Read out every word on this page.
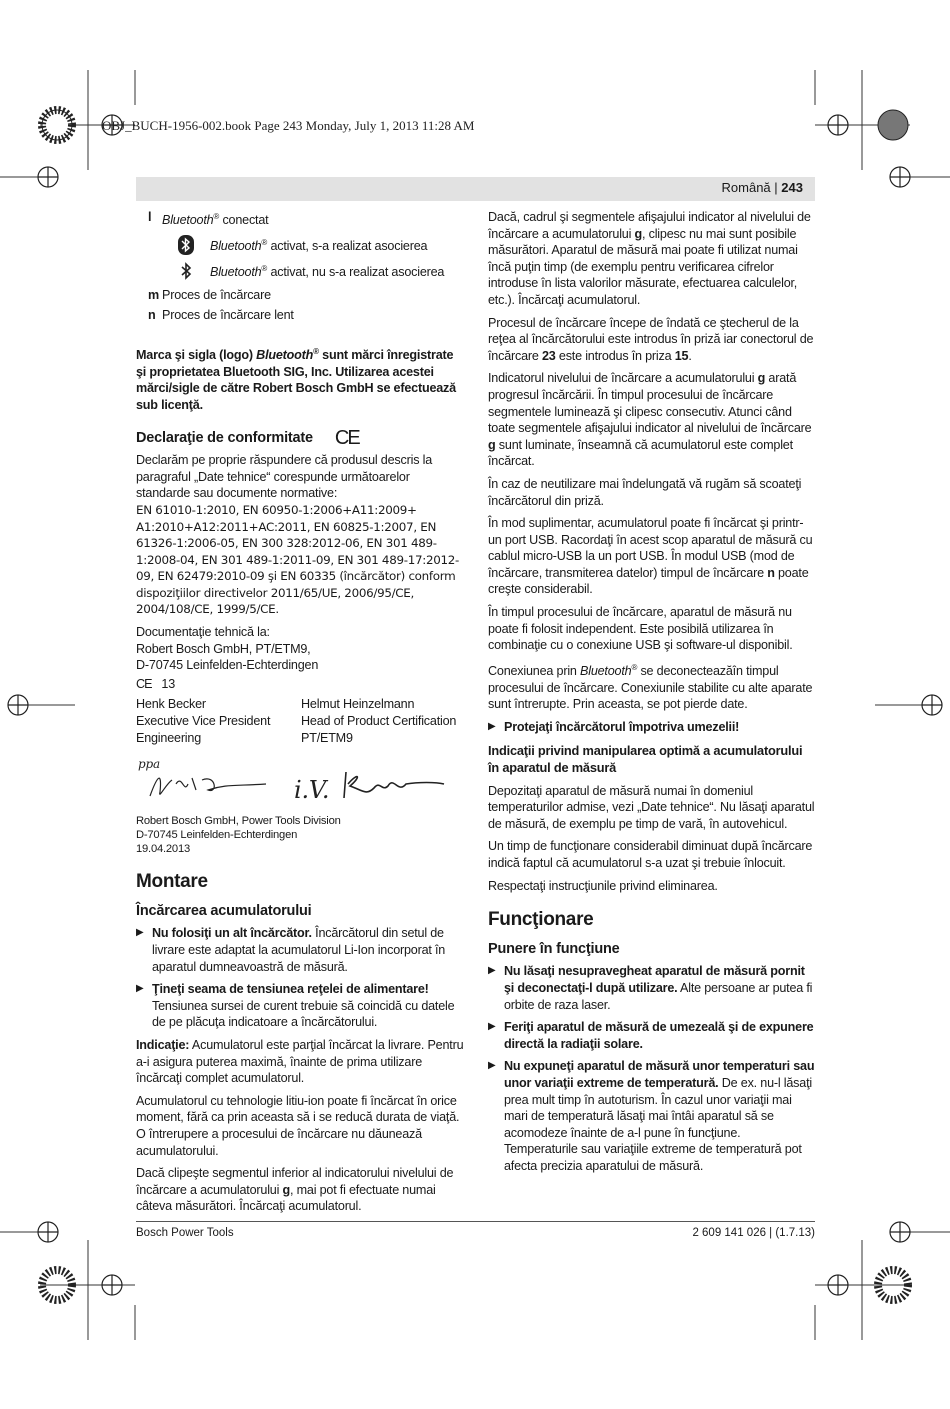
OBJ_BUCH-1956-002.book Page 243 Monday, July 1, 2013 11:28 AM
Română | 243
l Bluetooth® conectat
Bluetooth® activat, s-a realizat asocierea
Bluetooth® activat, nu s-a realizat asocierea
m Proces de încărcare
n Proces de încărcare lent

Marca şi sigla (logo) Bluetooth® sunt mărci înregistrate şi proprietatea Bluetooth SIG, Inc. Utilizarea acestei mărci/sigle de către Robert Bosch GmbH se efectuează sub licenţă.

Declaraţie de conformitate CE

Declarăm pe proprie răspundere că produsul descris la paragraful „Date tehnice“ corespunde următoarelor standarde sau documente normative:

EN 61010-1:2010, EN 60950-1:2006+A11:2009+ A1:2010+A12:2011+AC:2011, EN 60825-1:2007, EN 61326-1:2006-05, EN 300 328:2012-06, EN 301 489-1:2008-04, EN 301 489-1:2011-09, EN 301 489-17:2012-09, EN 62479:2010-09 şi EN 60335 (încărcător) conform dispoziţiilor directivelor 2011/65/UE, 2006/95/CE, 2004/108/CE, 1999/5/CE.

Documentaţie tehnică la:
Robert Bosch GmbH, PT/ETM9,
D-70745 Leinfelden-Echterdingen

CE 13

Henk Becker
Executive Vice President
Engineering
Helmut Heinzelmann
Head of Product Certification
PT/ETM9
ppa
i.V.
Robert Bosch GmbH, Power Tools Division
D-70745 Leinfelden-Echterdingen
19.04.2013
Montare
Încărcarea acumulatorului
▶ Nu folosiţi un alt încărcător. Încărcătorul din setul de livrare este adaptat la acumulatorul Li-Ion incorporat în aparatul dumneavoastră de măsură.
▶ Ţineţi seama de tensiunea reţelei de alimentare! Tensiunea sursei de curent trebuie să coincidă cu datele de pe plăcuţa indicatoare a încărcătorului.

Indicaţie: Acumulatorul este parţial încărcat la livrare. Pentru a-i asigura puterea maximă, înainte de prima utilizare încărcaţi complet acumulatorul.

Acumulatorul cu tehnologie litiu-ion poate fi încărcat în orice moment, fără ca prin aceasta să i se reducă durata de viaţă. O întrerupere a procesului de încărcare nu dăunează acumulatorului.

Dacă clipeşte segmentul inferior al indicatorului nivelului de încărcare a acumulatorului g, mai pot fi efectuate numai câteva măsurători. Încărcaţi acumulatorul.

Dacă, cadrul şi segmentele afişajului indicator al nivelului de încărcare a acumulatorului g, clipesc nu mai sunt posibile măsurători. Aparatul de măsură mai poate fi utilizat numai încă puţin timp (de exemplu pentru verificarea cifrelor introduse în lista valorilor măsurate, efectuarea calculelor, etc.). Încărcaţi acumulatorul.

Procesul de încărcare începe de îndată ce ştecherul de la reţea al încărcătorului este introdus în priză iar conectorul de încărcare 23 este introdus în priza 15.

Indicatorul nivelului de încărcare a acumulatorului g arată progresul încărcării. În timpul procesului de încărcare segmentele luminează şi clipesc consecutiv. Atunci când toate segmentele afişajului indicator al nivelului de încărcare g sunt luminate, înseamnă că acumulatorul este complet încărcat.

În caz de neutilizare mai îndelungată vă rugăm să scoateţi încărcătorul din priză.

În mod suplimentar, acumulatorul poate fi încărcat şi printr-un port USB. Racordaţi în acest scop aparatul de măsură cu cablul micro-USB la un port USB. În modul USB (mod de încărcare, transmiterea datelor) timpul de încărcare n poate creşte considerabil.

În timpul procesului de încărcare, aparatul de măsură nu poate fi folosit independent. Este posibilă utilizarea în combinaţie cu o conexiune USB şi software-ul disponibil.

Conexiunea prin Bluetooth® se deconecteazăîn timpul procesului de încărcare. Conexiunile stabilite cu alte aparate sunt întrerupte. Prin aceasta, se pot pierde date.

▶ Protejaţi încărcătorul împotriva umezelii!
Indicaţii privind manipularea optimă a acumulatorului în aparatul de măsură

Depozitaţi aparatul de măsură numai în domeniul temperaturilor admise, vezi „Date tehnice“. Nu lăsaţi aparatul de măsură, de exemplu pe timp de vară, în autovehicul.

Un timp de funcţionare considerabil diminuat după încărcare indică faptul că acumulatorul s-a uzat şi trebuie înlocuit.

Respectaţi instrucţiunile privind eliminarea.

Funcţionare
Punere în funcţiune
▶ Nu lăsaţi nesupravegheat aparatul de măsură pornit şi deconectaţi-l după utilizare. Alte persoane ar putea fi orbite de raza laser.
▶ Feriţi aparatul de măsură de umezeală şi de expunere directă la radiaţii solare.
▶ Nu expuneţi aparatul de măsură unor temperaturi sau unor variaţii extreme de temperatură. De ex. nu-l lăsaţi prea mult timp în autoturism. În cazul unor variaţii mai mari de temperatură lăsaţi mai întâi aparatul să se acomodeze înainte de a-l pune în funcţiune. Temperaturile sau variaţiile extreme de temperatură pot afecta precizia aparatului de măsură.
Bosch Power Tools	2 609 141 026 | (1.7.13)
